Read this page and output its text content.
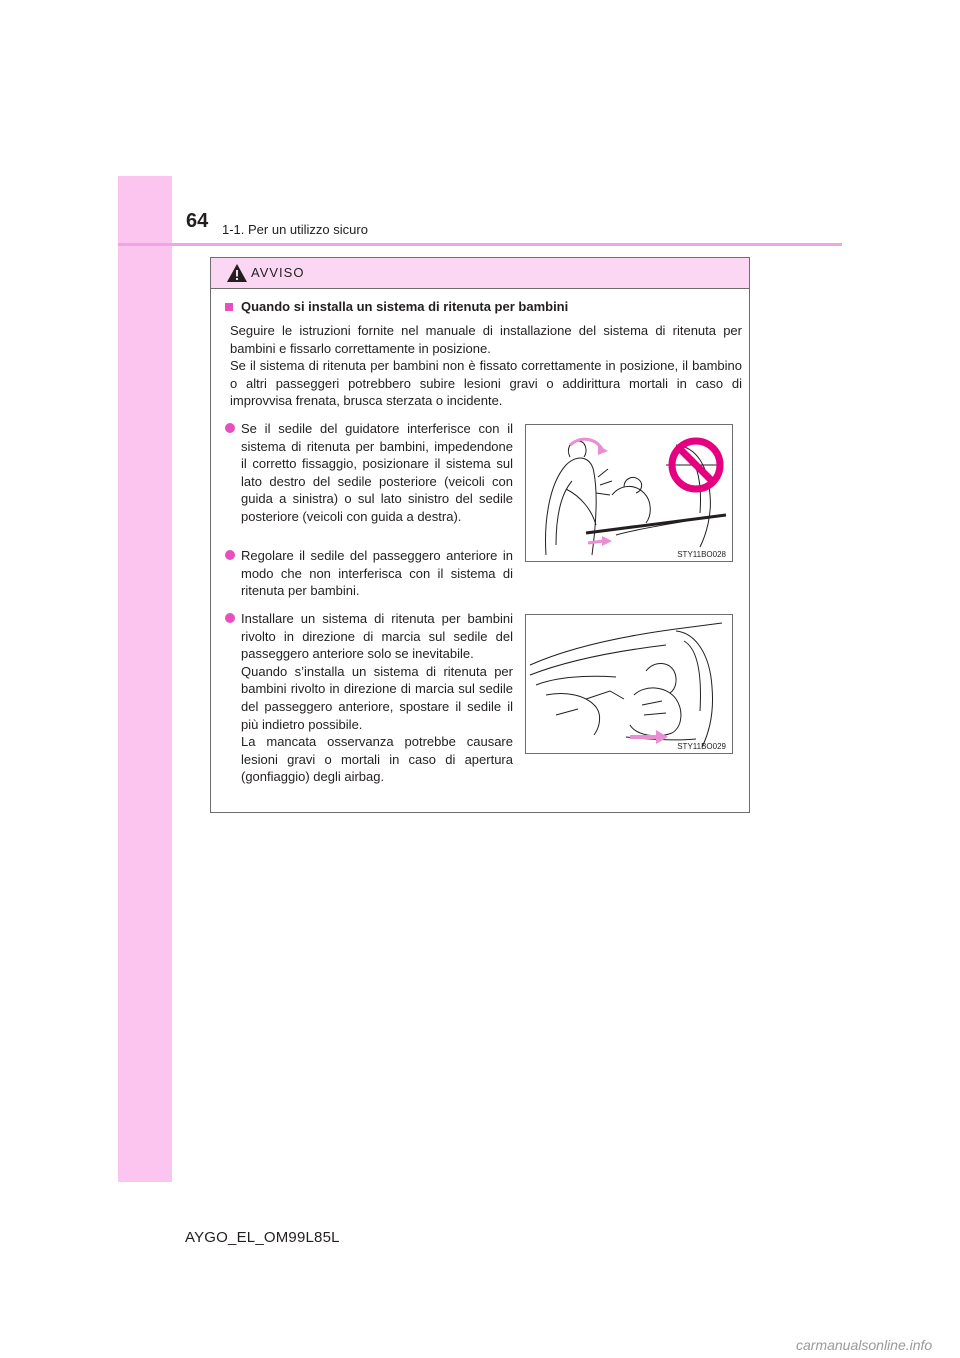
64 1-1. Per un utilizzo sicuro
AVVISO
Quando si installa un sistema di ritenuta per bambini

Seguire le istruzioni fornite nel manuale di installazione del sistema di ritenuta per bambini e fissarlo correttamente in posizione.

Se il sistema di ritenuta per bambini non è fissato correttamente in posizione, il bambino o altri passeggeri potrebbero subire lesioni gravi o addirittura mortali in caso di improvvisa frenata, brusca sterzata o incidente.

Se il sedile del guidatore interferisce con il sistema di ritenuta per bambini, impedendone il corretto fissaggio, posizionare il sistema sul lato destro del sedile posteriore (veicoli con guida a sinistra) o sul lato sinistro del sedile posteriore (veicoli con guida a destra).

Regolare il sedile del passeggero anteriore in modo che non interferisca con il sistema di ritenuta per bambini.

Installare un sistema di ritenuta per bambini rivolto in direzione di marcia sul sedile del passeggero anteriore solo se inevitabile.

Quando s’installa un sistema di ritenuta per bambini rivolto in direzione di marcia sul sedile del passeggero anteriore, spostare il sedile il più indietro possibile.

La mancata osservanza potrebbe causare lesioni gravi o mortali in caso di apertura (gonfiaggio) degli airbag.

STY11BO028
STY11BO029
AYGO_EL_OM99L85L
carmanualsonline.info
